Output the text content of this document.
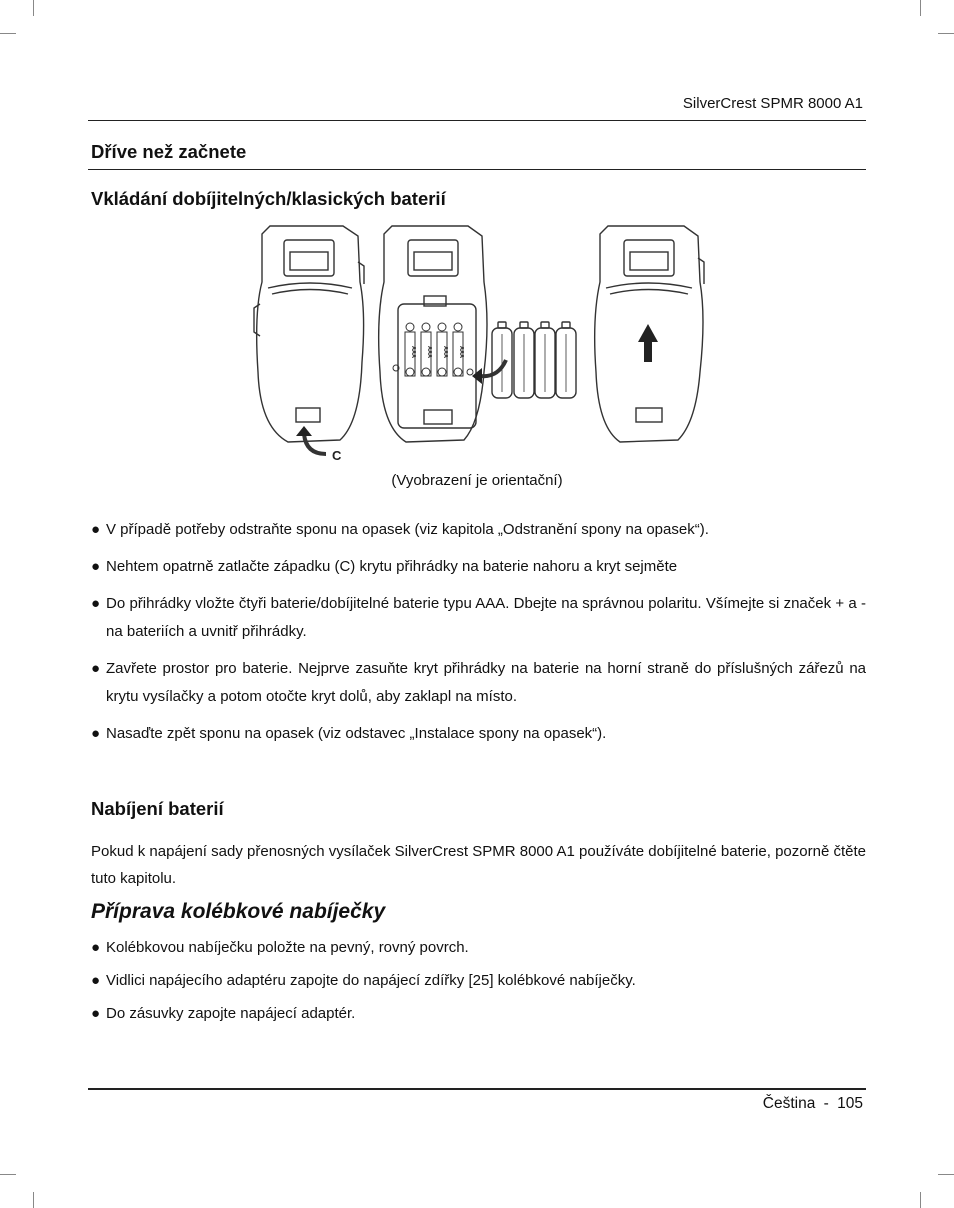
SilverCrest SPMR 8000 A1
Dříve než začnete
Vkládání dobíjitelných/klasických baterií
C
AAA AAA AAA AAA
(Vyobrazení je orientační)
● V případě potřeby odstraňte sponu na opasek (viz kapitola „Odstranění spony na opasek“).
● Nehtem opatrně zatlačte západku (C) krytu přihrádky na baterie nahoru a kryt sejměte
● Do přihrádky vložte čtyři baterie/dobíjitelné baterie typu AAA. Dbejte na správnou polaritu. Všímejte si značek + a - na bateriích a uvnitř přihrádky.
● Zavřete prostor pro baterie. Nejprve zasuňte kryt přihrádky na baterie na horní straně do příslušných zářezů na krytu vysílačky a potom otočte kryt dolů, aby zaklapl na místo.
● Nasaďte zpět sponu na opasek (viz odstavec „Instalace spony na opasek“).
Nabíjení baterií

Pokud k napájení sady přenosných vysílaček SilverCrest SPMR 8000 A1 používáte dobíjitelné baterie, pozorně čtěte tuto kapitolu.

Příprava kolébkové nabíječky
● Kolébkovou nabíječku položte na pevný, rovný povrch.
● Vidlici napájecího adaptéru zapojte do napájecí zdířky [25] kolébkové nabíječky.
● Do zásuvky zapojte napájecí adaptér.
Čeština - 105
